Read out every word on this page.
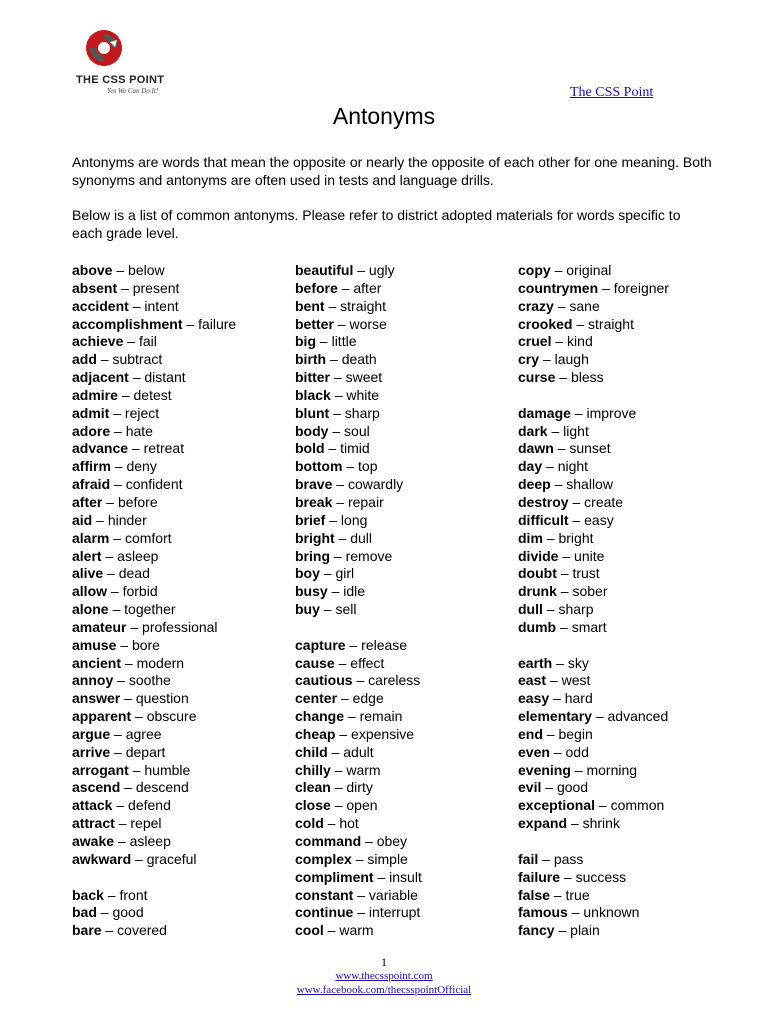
THE CSS POINT
Yes We Can Do It!	The CSS Point
Antonyms
Antonyms are words that mean the opposite or nearly the opposite of each other for one meaning. Both synonyms and antonyms are often used in tests and language drills.
Below is a list of common antonyms. Please refer to district adopted materials for words specific to each grade level.
above – below
absent – present
accident – intent
accomplishment – failure
achieve – fail
add – subtract
adjacent – distant
admire – detest
admit – reject
adore – hate
advance – retreat
affirm – deny
afraid – confident
after – before
aid – hinder
alarm – comfort
alert – asleep
alive – dead
allow – forbid
alone – together
amateur – professional
amuse – bore
ancient – modern
annoy – soothe
answer – question
apparent – obscure
argue – agree
arrive – depart
arrogant – humble
ascend – descend
attack – defend
attract – repel
awake – asleep
awkward – graceful
back – front
bad – good
bare – covered
beautiful – ugly
before – after
bent – straight
better – worse
big – little
birth – death
bitter – sweet
black – white
blunt – sharp
body – soul
bold – timid
bottom – top
brave – cowardly
break – repair
brief – long
bright – dull
bring – remove
boy – girl
busy – idle
buy – sell
capture – release
cause – effect
cautious – careless
center – edge
change – remain
cheap – expensive
child – adult
chilly – warm
clean – dirty
close – open
cold – hot
command – obey
complex – simple
compliment – insult
constant – variable
continue – interrupt
cool – warm
copy – original
countrymen – foreigner
crazy – sane
crooked – straight
cruel – kind
cry – laugh
curse – bless
damage – improve
dark – light
dawn – sunset
day – night
deep – shallow
destroy – create
difficult – easy
dim – bright
divide – unite
doubt – trust
drunk – sober
dull – sharp
dumb – smart
earth – sky
east – west
easy – hard
elementary – advanced
end – begin
even – odd
evening – morning
evil – good
exceptional – common
expand – shrink
fail – pass
failure – success
false – true
famous – unknown
fancy – plain
1
www.thecsspoint.com
www.facebook.com/thecsspointOfficial
